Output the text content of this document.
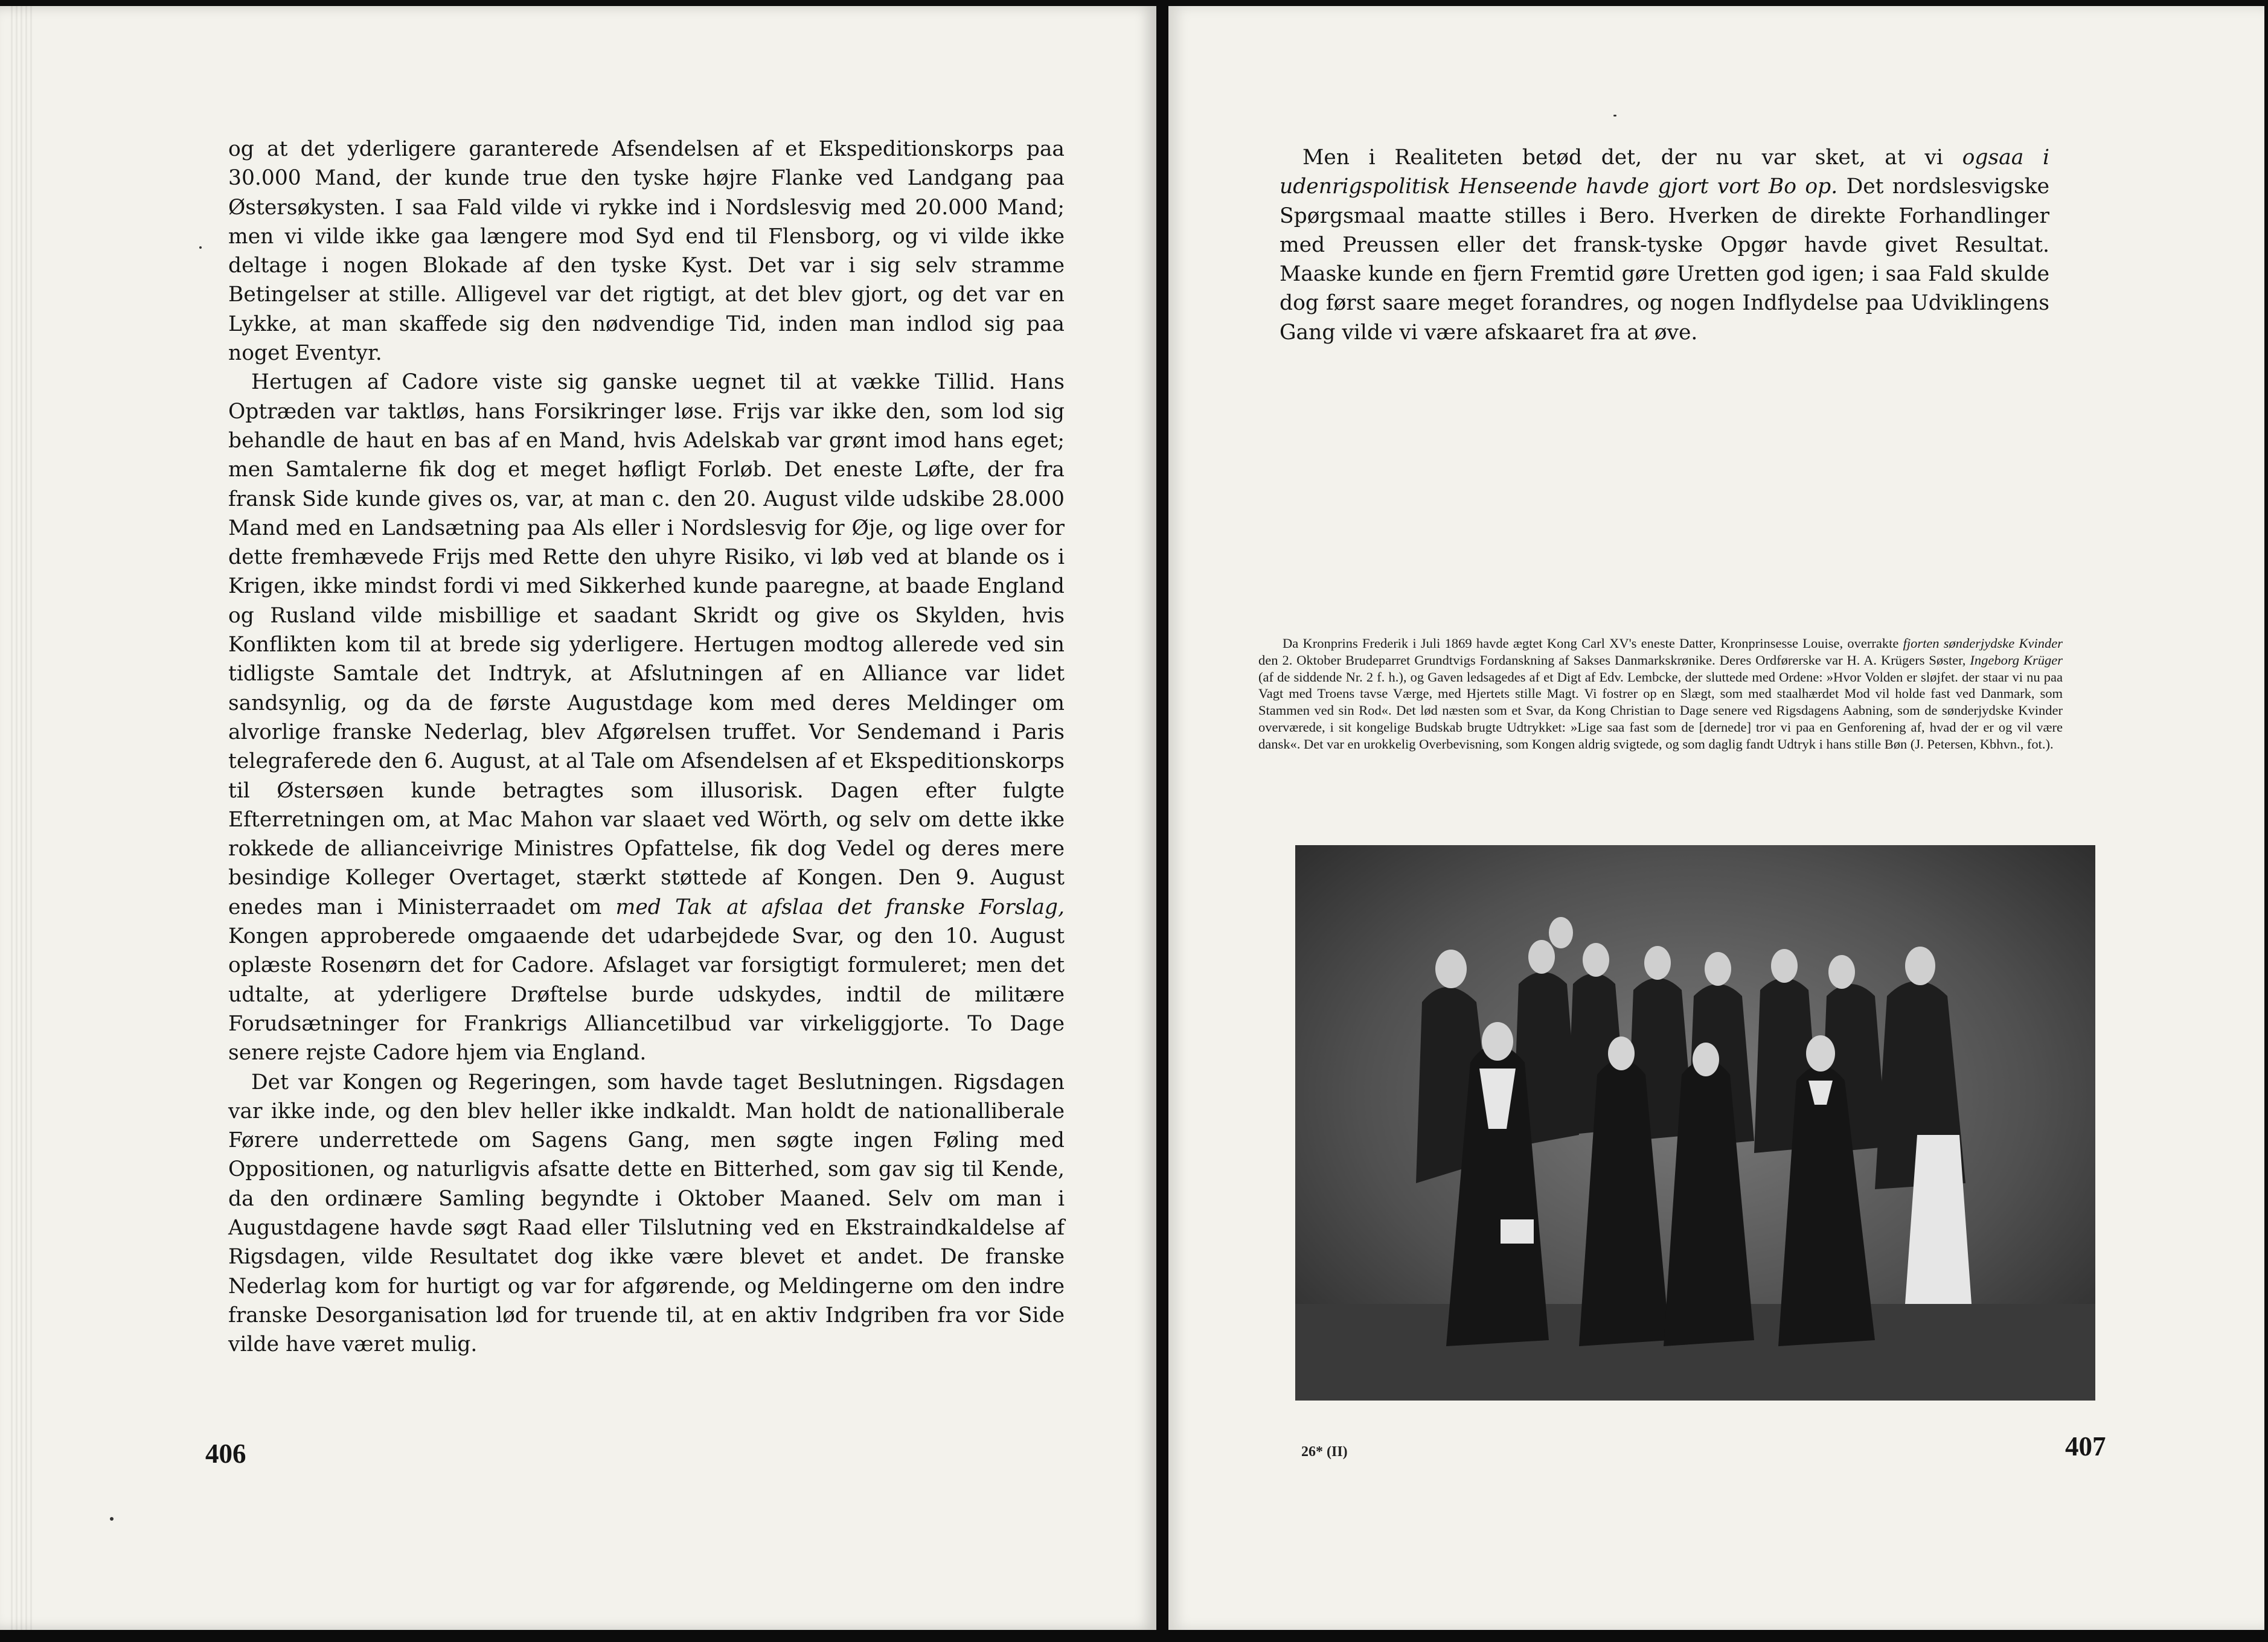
og at det yderligere garanterede Afsendelsen af et Ekspeditionskorps paa 30.000 Mand, der kunde true den tyske højre Flanke ved Landgang paa Østersøkysten. I saa Fald vilde vi rykke ind i Nordslesvig med 20.000 Mand; men vi vilde ikke gaa længere mod Syd end til Flensborg, og vi vilde ikke deltage i nogen Blokade af den tyske Kyst. Det var i sig selv stramme Betingelser at stille. Alligevel var det rigtigt, at det blev gjort, og det var en Lykke, at man skaffede sig den nødvendige Tid, inden man indlod sig paa noget Eventyr.

Hertugen af Cadore viste sig ganske uegnet til at vække Tillid. Hans Optræden var taktløs, hans Forsikringer løse. Frijs var ikke den, som lod sig behandle de haut en bas af en Mand, hvis Adelskab var grønt imod hans eget; men Samtalerne fik dog et meget høfligt Forløb. Det eneste Løfte, der fra fransk Side kunde gives os, var, at man c. den 20. August vilde udskibe 28.000 Mand med en Landsætning paa Als eller i Nordslesvig for Øje, og lige over for dette fremhævede Frijs med Rette den uhyre Risiko, vi løb ved at blande os i Krigen, ikke mindst fordi vi med Sikkerhed kunde paaregne, at baade England og Rusland vilde misbillige et saadant Skridt og give os Skylden, hvis Konflikten kom til at brede sig yderligere. Hertugen modtog allerede ved sin tidligste Samtale det Indtryk, at Afslutningen af en Alliance var lidet sandsynlig, og da de første Augustdage kom med deres Meldinger om alvorlige franske Nederlag, blev Afgørelsen truffet. Vor Sendemand i Paris telegraferede den 6. August, at al Tale om Afsendelsen af et Ekspeditionskorps til Østersøen kunde betragtes som illusorisk. Dagen efter fulgte Efterretningen om, at Mac Mahon var slaaet ved Wörth, og selv om dette ikke rokkede de allianceivrige Ministres Opfattelse, fik dog Vedel og deres mere besindige Kolleger Overtaget, stærkt støttede af Kongen. Den 9. August enedes man i Ministerraadet om med Tak at afslaa det franske Forslag, Kongen approberede omgaaende det udarbejdede Svar, og den 10. August oplæste Rosenørn det for Cadore. Afslaget var forsigtigt formuleret; men det udtalte, at yderligere Drøftelse burde udskydes, indtil de militære Forudsætninger for Frankrigs Alliancetilbud var virkeliggjorte. To Dage senere rejste Cadore hjem via England.

Det var Kongen og Regeringen, som havde taget Beslutningen. Rigsdagen var ikke inde, og den blev heller ikke indkaldt. Man holdt de nationalliberale Førere underrettede om Sagens Gang, men søgte ingen Føling med Oppositionen, og naturligvis afsatte dette en Bitterhed, som gav sig til Kende, da den ordinære Samling begyndte i Oktober Maaned. Selv om man i Augustdagene havde søgt Raad eller Tilslutning ved en Ekstraindkaldelse af Rigsdagen, vilde Resultatet dog ikke være blevet et andet. De franske Nederlag kom for hurtigt og var for afgørende, og Meldingerne om den indre franske Desorganisation lød for truende til, at en aktiv Indgriben fra vor Side vilde have været mulig.

406

Men i Realiteten betød det, der nu var sket, at vi ogsaa i udenrigspolitisk Henseende havde gjort vort Bo op. Det nordslesvigske Spørgsmaal maatte stilles i Bero. Hverken de direkte Forhandlinger med Preussen eller det fransk-tyske Opgør havde givet Resultat. Maaske kunde en fjern Fremtid gøre Uretten god igen; i saa Fald skulde dog først saare meget forandres, og nogen Indflydelse paa Udviklingens Gang vilde vi være afskaaret fra at øve.

Da Kronprins Frederik i Juli 1869 havde ægtet Kong Carl XV's eneste Datter, Kronprinsesse Louise, overrakte fjorten sønderjydske Kvinder den 2. Oktober Brudeparret Grundtvigs Fordanskning af Sakses Danmarkskrønike. Deres Ordførerske var H. A. Krügers Søster, Ingeborg Krüger (af de siddende Nr. 2 f. h.), og Gaven ledsagedes af et Digt af Edv. Lembcke, der sluttede med Ordene: »Hvor Volden er sløjfet. der staar vi nu paa Vagt med Troens tavse Værge, med Hjertets stille Magt. Vi fostrer op en Slægt, som med staalhærdet Mod vil holde fast ved Danmark, som Stammen ved sin Rod«. Det lød næsten som et Svar, da Kong Christian to Dage senere ved Rigsdagens Aabning, som de sønderjydske Kvinder overværede, i sit kongelige Budskab brugte Udtrykket: »Lige saa fast som de [dernede] tror vi paa en Genforening af, hvad der er og vil være dansk«. Det var en urokkelig Overbevisning, som Kongen aldrig svigtede, og som daglig fandt Udtryk i hans stille Bøn (J. Petersen, Kbhvn., fot.).

26* (II)	407
